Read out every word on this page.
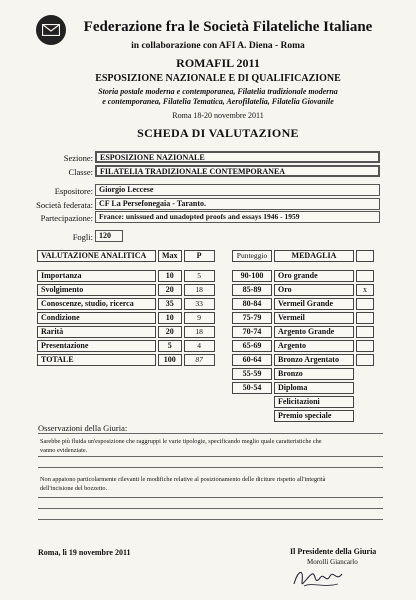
Federazione fra le Società Filateliche Italiane
in collaborazione con AFI A. Diena - Roma
ROMAFIL 2011
ESPOSIZIONE NAZIONALE E DI QUALIFICAZIONE
Storia postale moderna e contemporanea, Filatelia tradizionale moderna
e contemporanea, Filatelia Tematica, Aerofilatelia, Filatelia Giovanile
Roma 18-20 novembre 2011
SCHEDA DI VALUTAZIONE
Sezione: ESPOSIZIONE NAZIONALE
Classe: FILATELIA TRADIZIONALE CONTEMPORANEA
Espositore: Giorgio Leccese
Società federata: CF La Persefonegaia - Taranto.
Partecipazione: France: unissued and unadopted proofs and essays 1946 - 1959
Fogli: 120
VALUTAZIONE ANALITICA	Max	P

Importanza	10	5
Svolgimento	20	18
Conoscenze, studio, ricerca	35	33
Condizione	10	9
Rarità	20	18
Presentazione	5	4
TOTALE	100	87
Punteggio	MEDAGLIA	

90-100	Oro grande	
85-89	Oro	x
80-84	Vermeil Grande	
75-79	Vermeil	
70-74	Argento Grande	
65-69	Argento	
60-64	Bronzo Argentato	
55-59	Bronzo	
50-54	Diploma	
	Felicitazioni	
	Premio speciale	
Osservazioni della Giuria:
Sarebbe più fluida un'esposizione che raggruppi le varie tipologie, specificando meglio quale caratteristiche che
vanno evidenziate.
Non appaiono particolarmente rilevanti le modifiche relative al posizionamento delle diciture rispetto all'integrità
dell'incisione del bozzetto.
Roma, lì 19 novembre 2011	Il Presidente della Giuria
Morolli Giancarlo
